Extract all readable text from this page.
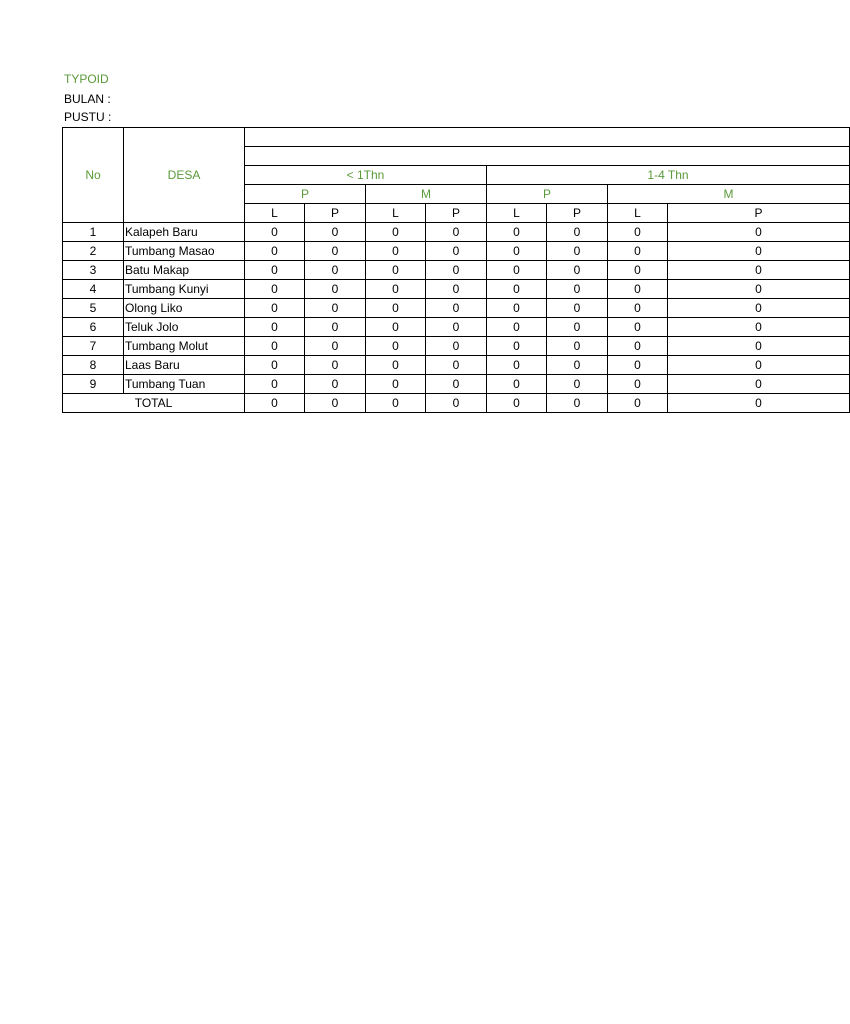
TYPOID
BULAN :
PUSTU :
No	DESA								

		< 1Thn				1-4 Thn			
		P		M		P		M	
		L	P	L	P	L	P	L	P
1	Kalapeh Baru	0	0	0	0	0	0	0	0
2	Tumbang Masao	0	0	0	0	0	0	0	0
3	Batu Makap	0	0	0	0	0	0	0	0
4	Tumbang Kunyi	0	0	0	0	0	0	0	0
5	Olong Liko	0	0	0	0	0	0	0	0
6	Teluk Jolo	0	0	0	0	0	0	0	0
7	Tumbang Molut	0	0	0	0	0	0	0	0
8	Laas Baru	0	0	0	0	0	0	0	0
9	Tumbang Tuan	0	0	0	0	0	0	0	0
TOTAL		0	0	0	0	0	0	0	0
